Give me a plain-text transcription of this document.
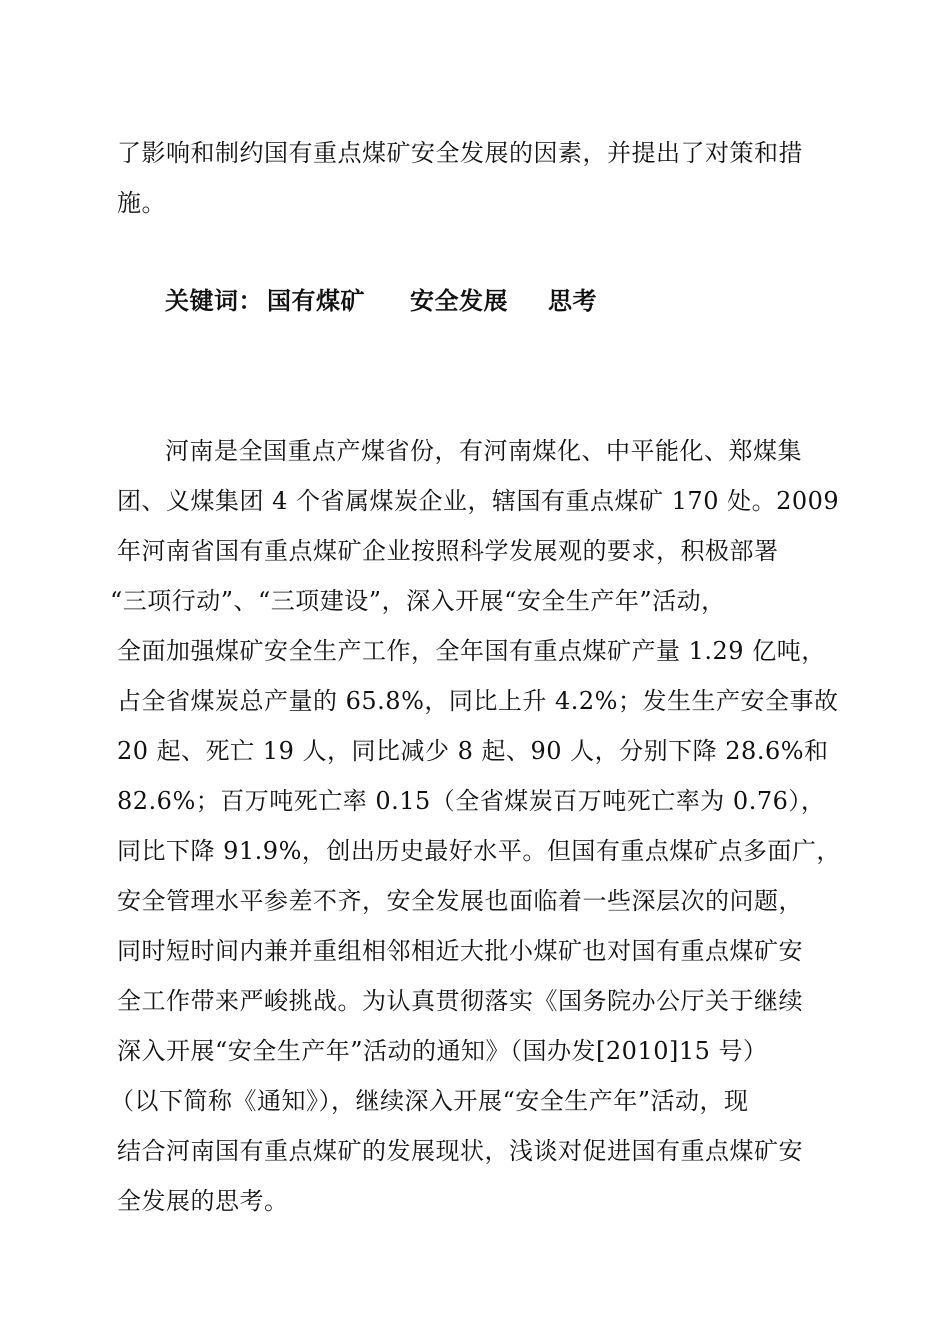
了影响和制约国有重点煤矿安全发展的因素，并提出了对策和措
施。
关键词： 国有煤矿 安全发展 思考
河南是全国重点产煤省份，有河南煤化、中平能化、郑煤集
团、义煤集团 4 个省属煤炭企业，辖国有重点煤矿 170 处。2009
年河南省国有重点煤矿企业按照科学发展观的要求，积极部署
“三项行动”、“三项建设”，深入开展“安全生产年”活动，
全面加强煤矿安全生产工作，全年国有重点煤矿产量 1.29 亿吨，
占全省煤炭总产量的 65.8%，同比上升 4.2%；发生生产安全事故
20 起、死亡 19 人，同比减少 8 起、90 人，分别下降 28.6%和
82.6%；百万吨死亡率 0.15（全省煤炭百万吨死亡率为 0.76），
同比下降 91.9%，创出历史最好水平。但国有重点煤矿点多面广，
安全管理水平参差不齐，安全发展也面临着一些深层次的问题，
同时短时间内兼并重组相邻相近大批小煤矿也对国有重点煤矿安
全工作带来严峻挑战。为认真贯彻落实《国务院办公厅关于继续
深入开展“安全生产年”活动的通知》（国办发[2010]15 号）
（以下简称《通知》），继续深入开展“安全生产年”活动，现
结合河南国有重点煤矿的发展现状，浅谈对促进国有重点煤矿安
全发展的思考。
